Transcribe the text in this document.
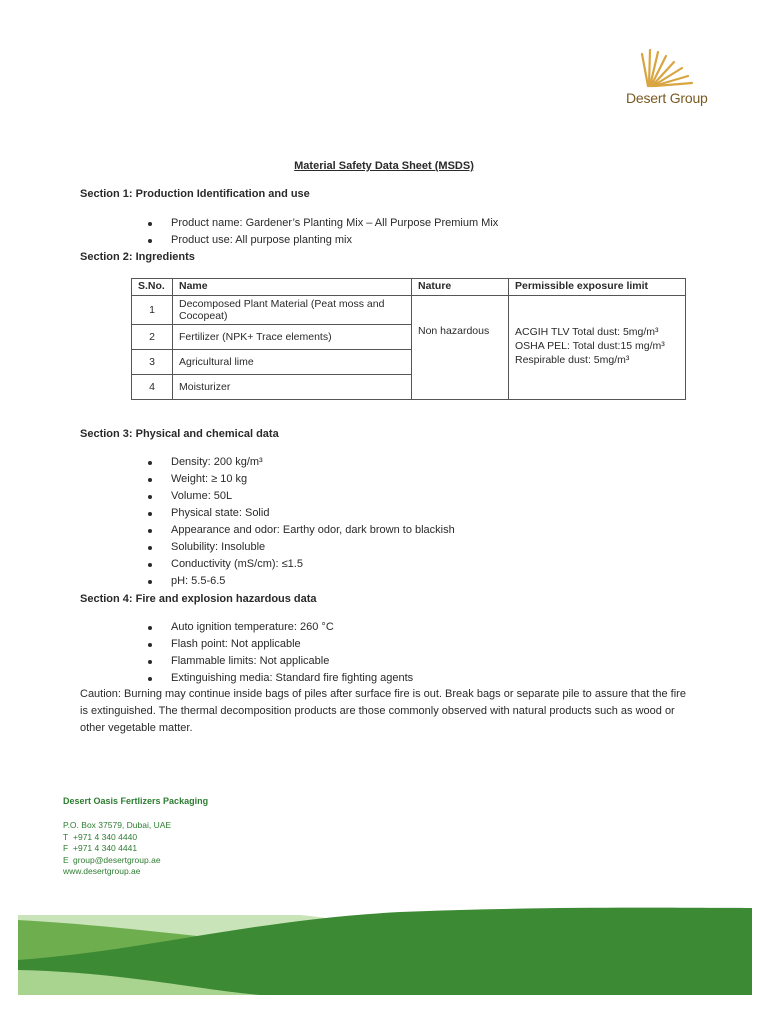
Desert Group
Material Safety Data Sheet (MSDS)
Section 1: Production Identification and use
Product name: Gardener’s Planting Mix – All Purpose Premium Mix
Product use: All purpose planting mix
Section 2: Ingredients
S.No.	Name	Nature	Permissible exposure limit
1	Decomposed Plant Material (Peat moss and Cocopeat)	Non hazardous	ACGIH TLV Total dust: 5mg/m³
OSHA PEL: Total dust:15 mg/m³
Respirable dust: 5mg/m³

2	Fertilizer (NPK+ Trace elements)		
3	Agricultural lime		
4	Moisturizer		
Section 3: Physical and chemical data
Density: 200 kg/m³
Weight: ≥ 10 kg
Volume: 50L
Physical state: Solid
Appearance and odor: Earthy odor, dark brown to blackish
Solubility: Insoluble
Conductivity (mS/cm): ≤1.5
pH: 5.5-6.5
Section 4: Fire and explosion hazardous data
Auto ignition temperature: 260 °C
Flash point: Not applicable
Flammable limits: Not applicable
Extinguishing media: Standard fire fighting agents
Caution: Burning may continue inside bags of piles after surface fire is out. Break bags or separate pile to assure that the fire is extinguished. The thermal decomposition products are those commonly observed with natural products such as wood or other vegetable matter.
Desert Oasis Fertlizers Packaging
P.O. Box 37579, Dubai, UAE
T +971 4 340 4440
F +971 4 340 4441
E group@desertgroup.ae
www.desertgroup.ae
